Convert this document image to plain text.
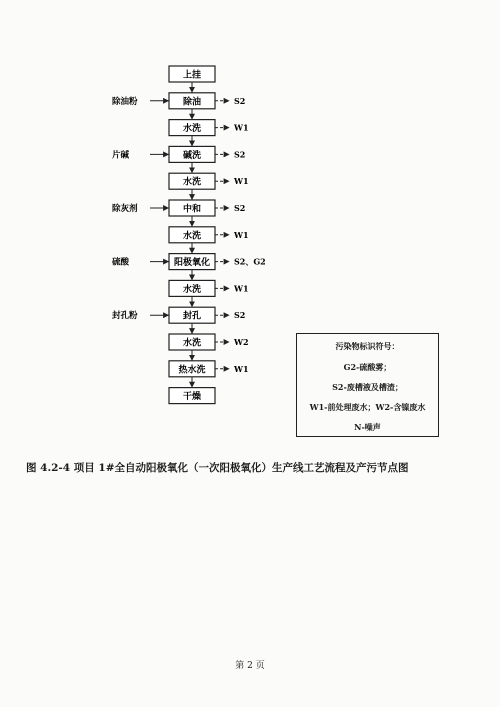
上挂
除油
水洗
碱洗
水洗
中和
水洗
阳极氧化
水洗
封孔
水洗
热水洗
干燥
除油粉
片碱
除灰剂
硫酸
封孔粉
S2
W1
S2
W1
S2
W1
S2、G2
W1
S2
W2
W1
污染物标识符号：
G2-硫酸雾；
S2-废槽液及槽渣；
W1-前处理废水；W2-含镍废水
N-噪声
图 4.2-4 项目 1#全自动阳极氧化（一次阳极氧化）生产线工艺流程及产污节点图
第 2 页
